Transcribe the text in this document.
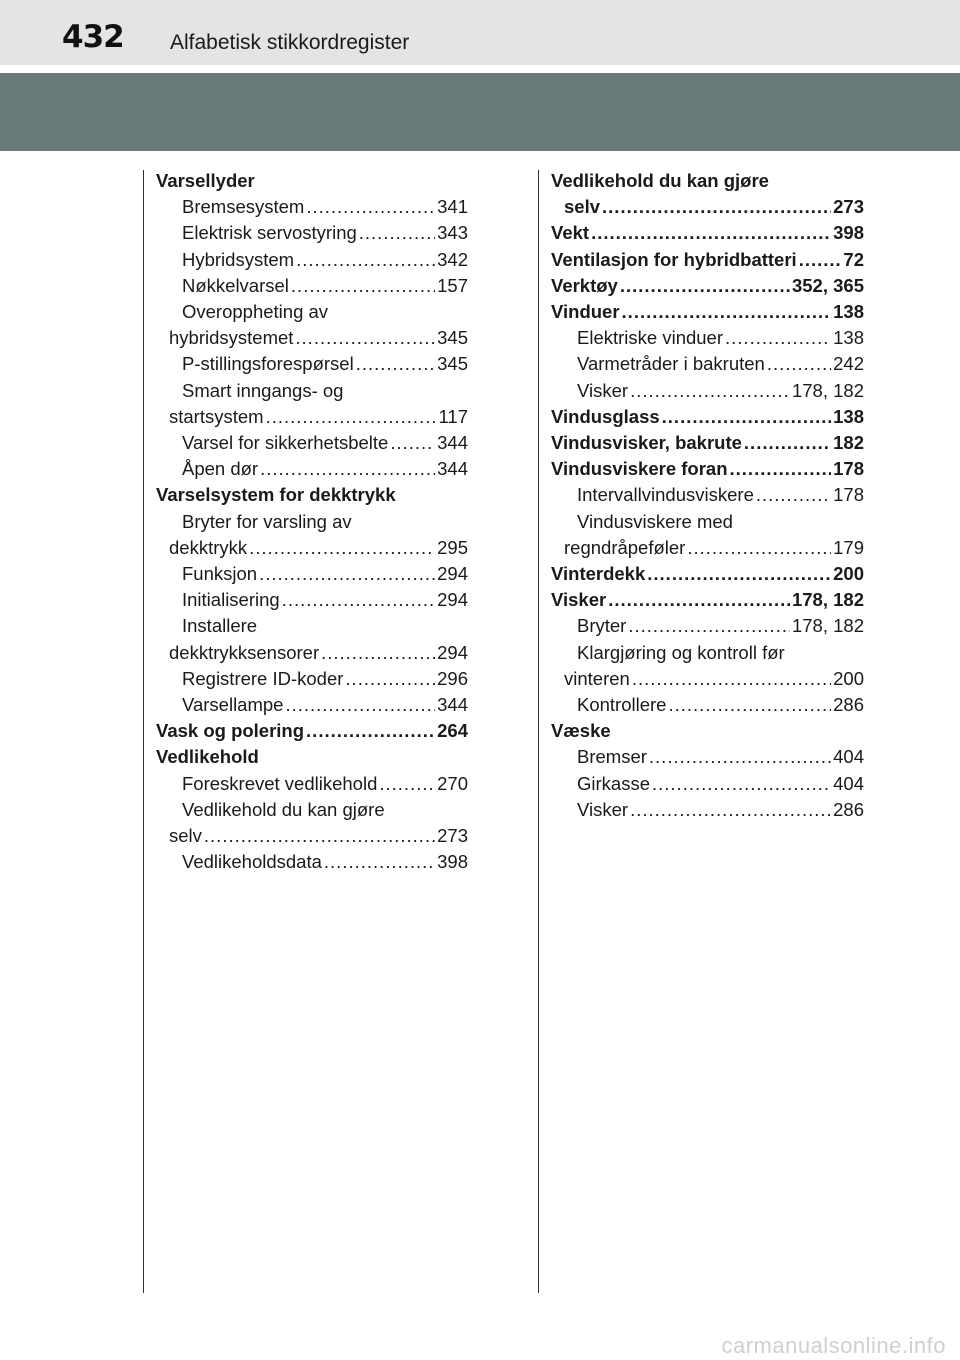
432 Alfabetisk stikkordregister
Varsellyder
Bremsesystem .....	341
Elektrisk servostyring .....	343
Hybridsystem .....	342
Nøkkelvarsel .....	157
Overoppheting av
hybridsystemet .....	345
P-stillingsforespørsel .....	345
Smart inngangs- og
startsystem .....	117
Varsel for sikkerhetsbelte .....	344
Åpen dør .....	344
Varselsystem for dekktrykk
Bryter for varsling av
dekktrykk .....	295
Funksjon .....	294
Initialisering .....	294
Installere
dekktrykksensorer .....	294
Registrere ID-koder .....	296
Varsellampe .....	344
Vask og polering .....	264
Vedlikehold
Foreskrevet vedlikehold .....	270
Vedlikehold du kan gjøre
selv .....	273
Vedlikeholdsdata .....	398
Vedlikehold du kan gjøre
selv .....	273
Vekt .....	398
Ventilasjon for hybridbatteri .....	72
Verktøy .....	352, 365
Vinduer .....	138
Elektriske vinduer .....	138
Varmetråder i bakruten .....	242
Visker .....	178, 182
Vindusglass .....	138
Vindusvisker, bakrute .....	182
Vindusviskere foran .....	178
Intervallvindusviskere .....	178
Vindusviskere med
regndråpeføler .....	179
Vinterdekk .....	200
Visker .....	178, 182
Bryter .....	178, 182
Klargjøring og kontroll før
vinteren .....	200
Kontrollere .....	286
Væske
Bremser .....	404
Girkasse .....	404
Visker .....	286
carmanualsonline.info
